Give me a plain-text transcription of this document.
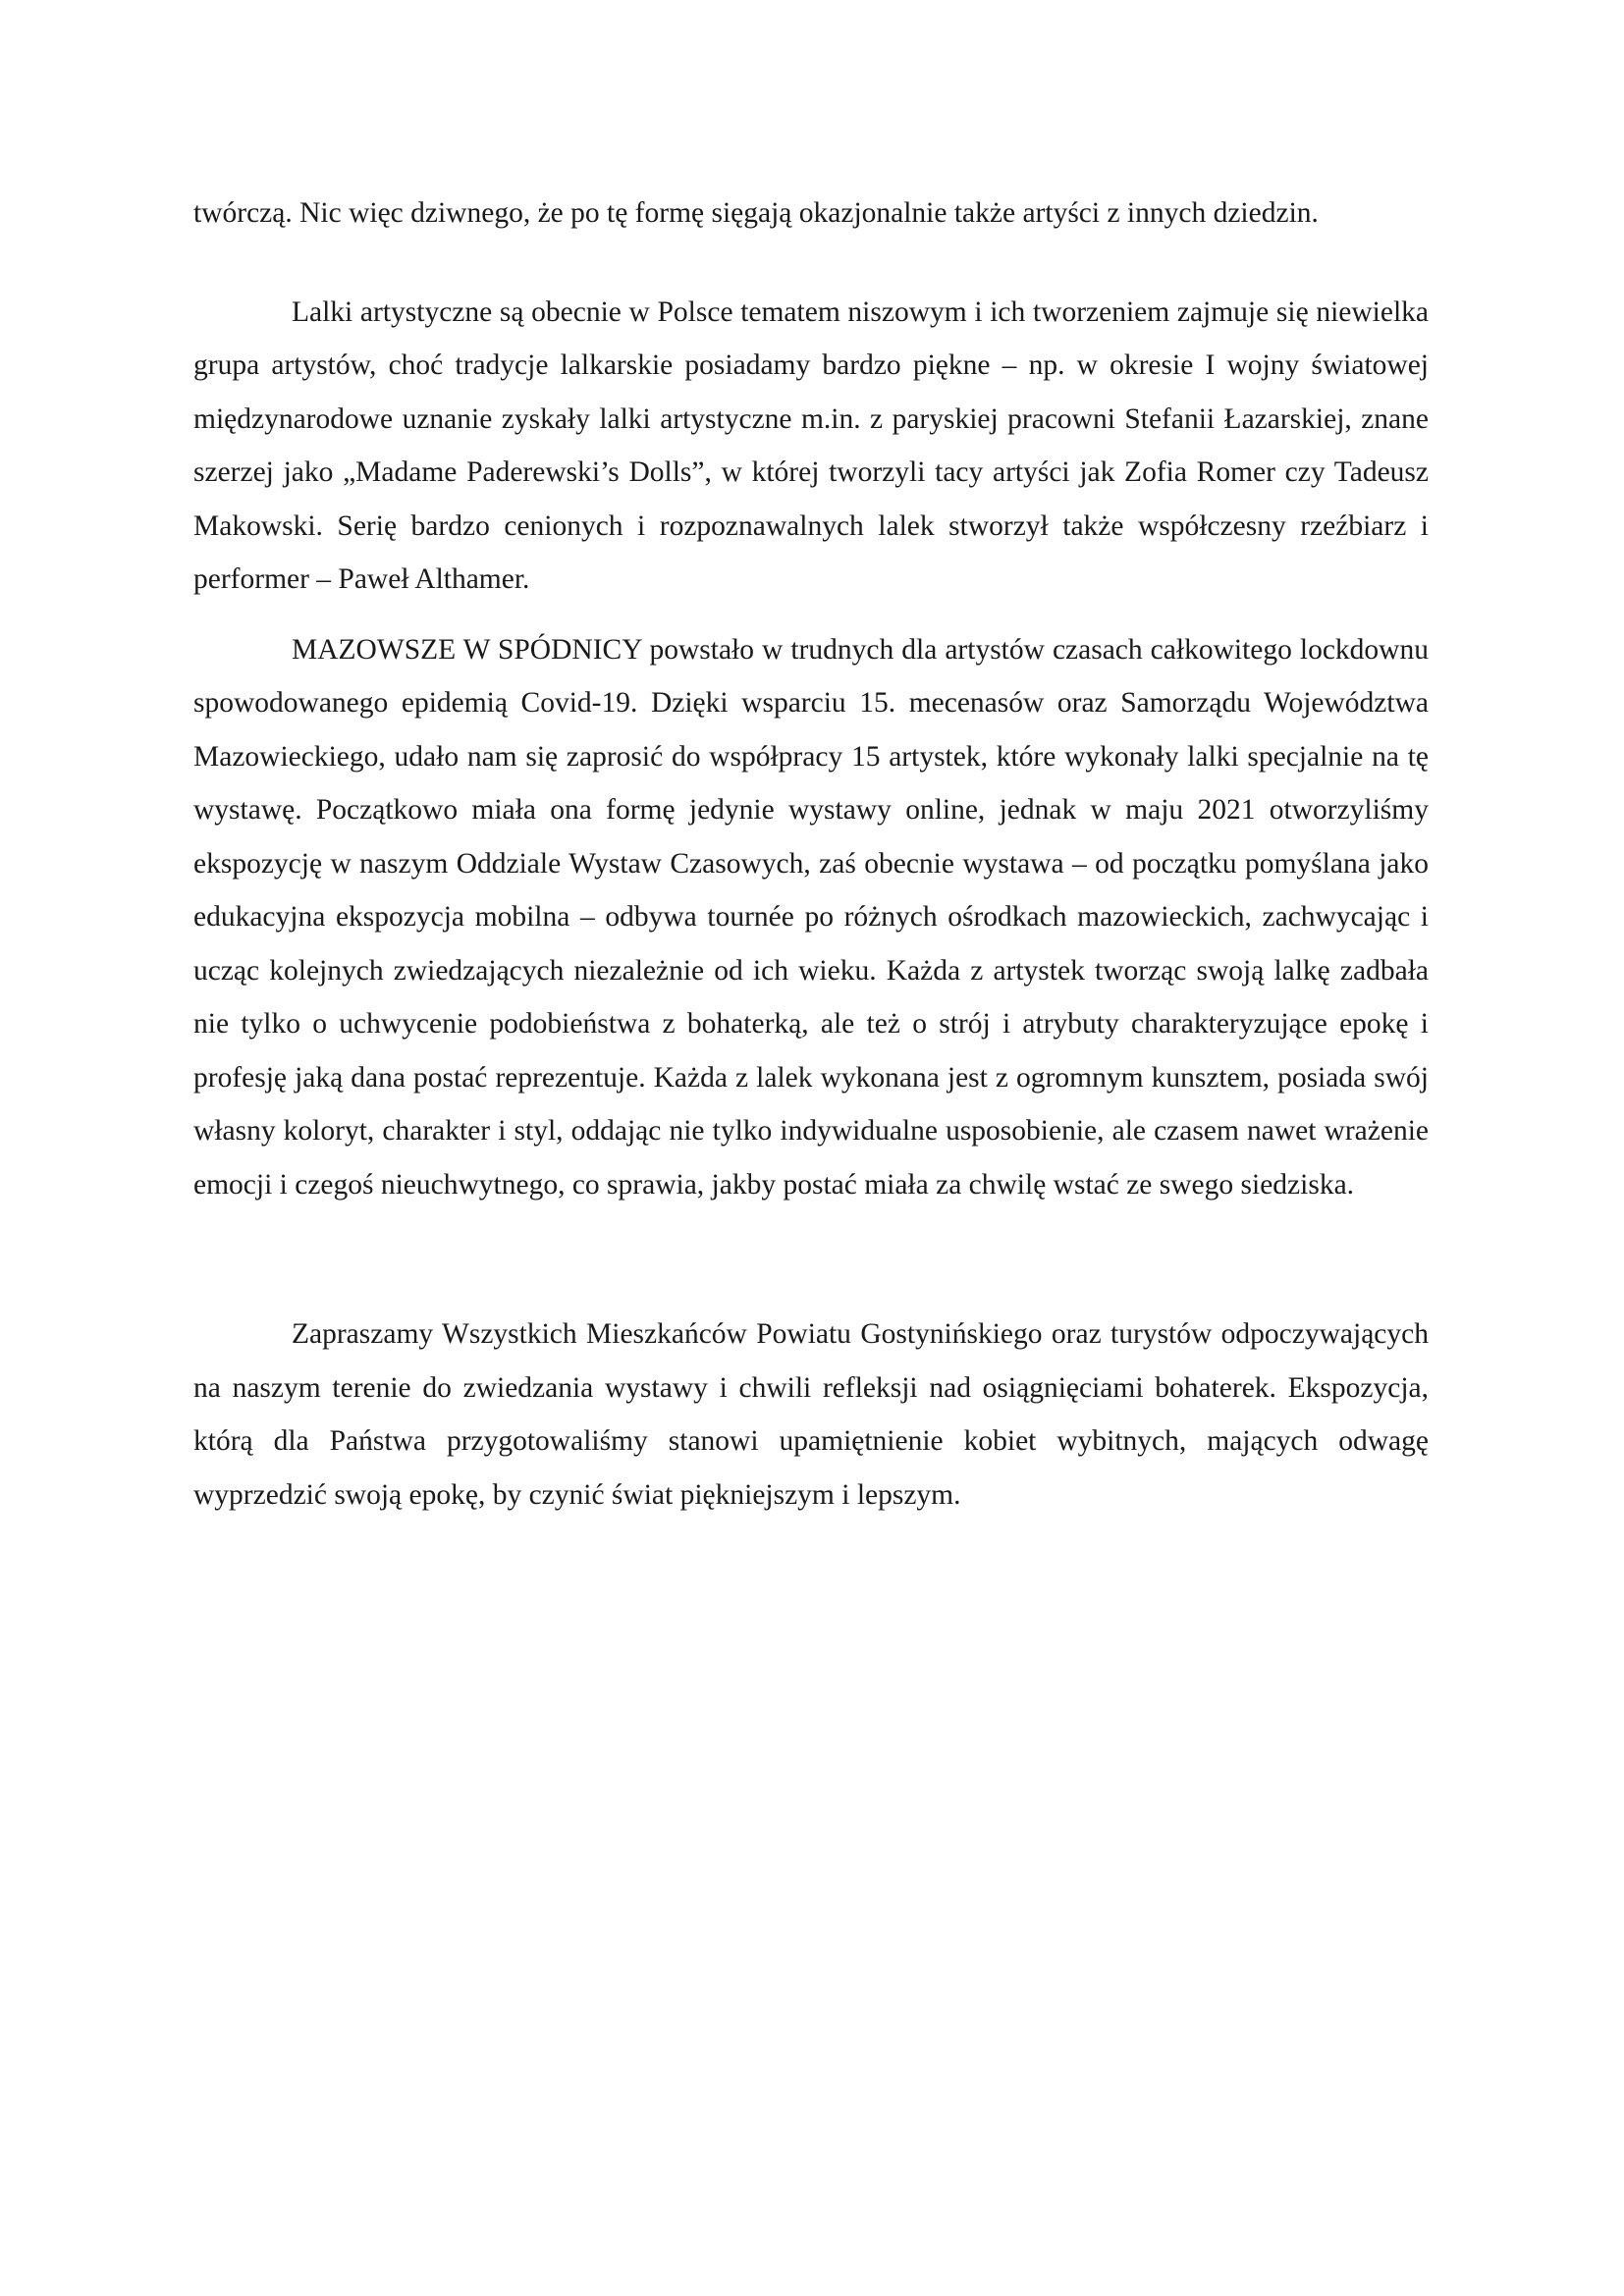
twórczą. Nic więc dziwnego, że po tę formę sięgają okazjonalnie także artyści z innych dziedzin.

Lalki artystyczne są obecnie w Polsce tematem niszowym i ich tworzeniem zajmuje się niewielka grupa artystów, choć tradycje lalkarskie posiadamy bardzo piękne – np. w okresie I wojny światowej międzynarodowe uznanie zyskały lalki artystyczne m.in. z paryskiej pracowni Stefanii Łazarskiej, znane szerzej jako „Madame Paderewski’s Dolls”, w której tworzyli tacy artyści jak Zofia Romer czy Tadeusz Makowski. Serię bardzo cenionych i rozpoznawalnych lalek stworzył także współczesny rzeźbiarz i performer – Paweł Althamer.

MAZOWSZE W SPÓDNICY powstało w trudnych dla artystów czasach całkowitego lockdownu spowodowanego epidemią Covid-19. Dzięki wsparciu 15. mecenasów oraz Samorządu Województwa Mazowieckiego, udało nam się zaprosić do współpracy 15 artystek, które wykonały lalki specjalnie na tę wystawę. Początkowo miała ona formę jedynie wystawy online, jednak w maju 2021 otworzyliśmy ekspozycję w naszym Oddziale Wystaw Czasowych, zaś obecnie wystawa – od początku pomyślana jako edukacyjna ekspozycja mobilna – odbywa tournée po różnych ośrodkach mazowieckich, zachwycając i ucząc kolejnych zwiedzających niezależnie od ich wieku. Każda z artystek tworząc swoją lalkę zadbała nie tylko o uchwycenie podobieństwa z bohaterką, ale też o strój i atrybuty charakteryzujące epokę i profesję jaką dana postać reprezentuje. Każda z lalek wykonana jest z ogromnym kunsztem, posiada swój własny koloryt, charakter i styl, oddając nie tylko indywidualne usposobienie, ale czasem nawet wrażenie emocji i czegoś nieuchwytnego, co sprawia, jakby postać miała za chwilę wstać ze swego siedziska.

Zapraszamy Wszystkich Mieszkańców Powiatu Gostynińskiego oraz turystów odpoczywających na naszym terenie do zwiedzania wystawy i chwili refleksji nad osiągnięciami bohaterek. Ekspozycja, którą dla Państwa przygotowaliśmy stanowi upamiętnienie kobiet wybitnych, mających odwagę wyprzedzić swoją epokę, by czynić świat piękniejszym i lepszym.
